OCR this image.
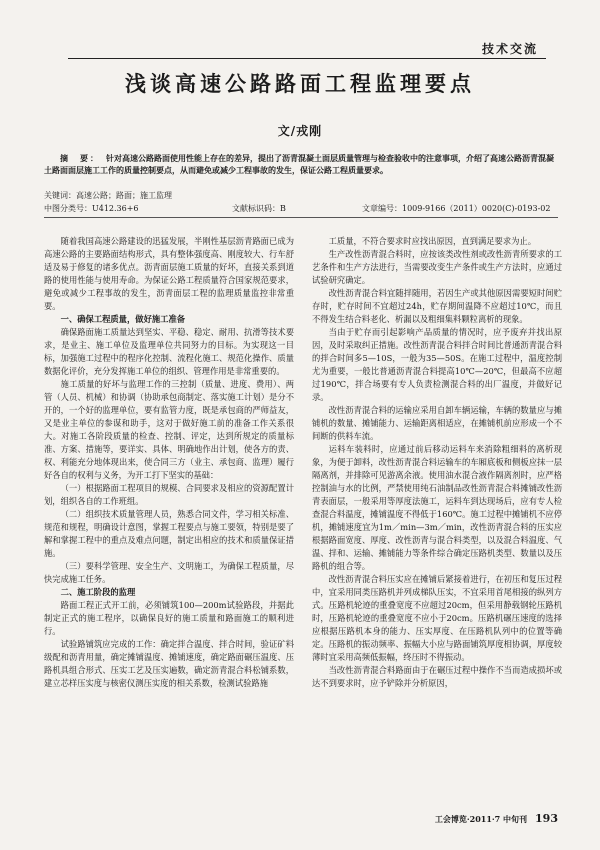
技术交流
浅谈高速公路路面工程监理要点
文/戎刚
摘　要： 针对高速公路路面使用性能上存在的差异，提出了沥青混凝土面层质量管理与检查验收中的注意事项，介绍了高速公路沥青混凝土路面面层施工工作的质量控制要点，从而避免或减少工程事故的发生，保证公路工程质量要求。
关键词：高速公路；路面；施工监理
中图分类号：U412.36+6	文献标识码：B	文章编号：1009-9166（2011）0020(C)-0193-02

随着我国高速公路建设的迅猛发展，半刚性基层沥青路面已成为高速公路的主要路面结构形式，具有整体强度高、刚度较大、行车舒适及易于修复的诸多优点。沥青面层施工质量的好坏，直接关系到道路的使用性能与使用寿命。为保证公路工程质量符合国家规范要求，避免或减少工程事故的发生，沥青面层工程的监理质量监控非常重要。

一、确保工程质量，做好施工准备

确保路面施工质量达到坚实、平稳、稳定、耐用、抗滑等技术要求，是业主、施工单位及监理单位共同努力的目标。为实现这一目标，加强施工过程中的程序化控制、流程化施工、规范化操作、质量数据化评价，充分发挥施工单位的组织、管理作用是非常重要的。

施工质量的好坏与监理工作的三控制（质量、进度、费用）、两管（人员、机械）和协调（协助承包商制定、落实施工计划）是分不开的，一个好的监理单位，要有监管力度，既是承包商的严师益友，又是业主单位的参谋和助手，这对于做好施工前的准备工作关系很大。对施工各阶段质量的检查、控制、评定，达到所规定的质量标准、方案、措施等，要详实、具体、明确地作出计划，使各方的责、权、利能充分地体现出来，使合同三方（业主、承包商、监理）履行好各自的权利与义务，为开工打下坚实的基础：

（一）根据路面工程项目的规模、合同要求及相应的资源配置计划，组织各自的工作班组。

（二）组织技术质量管理人员，熟悉合同文件，学习相关标准、规范和规程，明确设计意图，掌握工程要点与施工要领，特别是要了解和掌握工程中的重点及难点问题，制定出相应的技术和质量保证措施。

（三）要科学管理、安全生产、文明施工，为确保工程质量，尽快完成施工任务。

二、施工阶段的监理

路面工程正式开工前，必须铺筑100—200m试验路段，并据此制定正式的施工程序，以确保良好的施工质量和路面施工的顺利进行。

试验路铺筑应完成的工作：确定拌合温度、拌合时间，验证矿料级配和沥青用量，确定摊铺温度、摊铺速度，确定路面碾压温度、压路机具组合形式、压实工艺及压实遍数，确定沥青混合料松铺系数，建立芯样压实度与核密仪测压实度的相关系数，检测试验路施

工质量，不符合要求时应找出原因，直到满足要求为止。

生产改性沥青混合料时，应按该类改性剂或改性沥青所要求的工艺条件和生产方法进行，当需要改变生产条件或生产方法时，应通过试验研究确定。

改性沥青混合料宜随拌随用，若因生产或其他原因需要短时间贮存时，贮存时间不宜超过24h，贮存期间温降不应超过10℃，而且不得发生结合料老化、析漏以及粗细集料颗粒离析的现象。

当由于贮存而引起影响产品质量的情况时，应予废弃并找出原因，及时采取纠正措施。改性沥青混合料拌合时间比普通沥青混合料的拌合时间多5—10S，一般为35—50S。在施工过程中，温度控制尤为重要，一般比普通沥青混合料提高10℃—20℃，但最高不应超过190℃，拌合场要有专人负责检测混合料的出厂温度，并做好记录。

改性沥青混合料的运输应采用自卸车辆运输，车辆的数量应与摊铺机的数量、摊铺能力、运输距离相适应，在摊铺机前应形成一个不间断的供料车流。

运料车装料时，应通过前后移动运料车来消除粗细料的离析现象，为便于卸料，改性沥青混合料运输车的车厢底板和侧板应抹一层隔离剂，并排除可见游离余液。使用油水混合液作隔离剂时，应严格控制油与水的比例，严禁使用纯石油制品改性沥青混合料摊铺改性沥青表面层，一般采用等厚度法施工，运料车到达现场后，应有专人检查混合料温度，摊铺温度不得低于160℃。施工过程中摊铺机不应停机，摊铺速度宜为1m／min—3m／min，改性沥青混合料的压实应根据路面宽度、厚度、改性沥青与混合料类型，以及混合料温度、气温、拌和、运输、摊铺能力等条件综合确定压路机类型、数量以及压路机的组合等。

改性沥青混合料压实应在摊铺后紧接着进行，在初压和复压过程中，宜采用同类压路机并列成梯队压实，不宜采用首尾相接的纵列方式。压路机轮迹的重叠宽度不应超过20cm，但采用静载钢轮压路机时，压路机轮迹的重叠宽度不应小于20cm。压路机碾压速度的选择应根据压路机本身的能力、压实厚度、在压路机队列中的位置等确定。压路机的振动频率、振幅大小应与路面铺筑厚度相协调，厚度较薄时宜采用高频低振幅，终压时不得振动。

当改性沥青混合料路面由于在碾压过程中操作不当而造成损坏或达不到要求时，应予铲除并分析原因，

工会博览·2011·7 中旬刊 193
